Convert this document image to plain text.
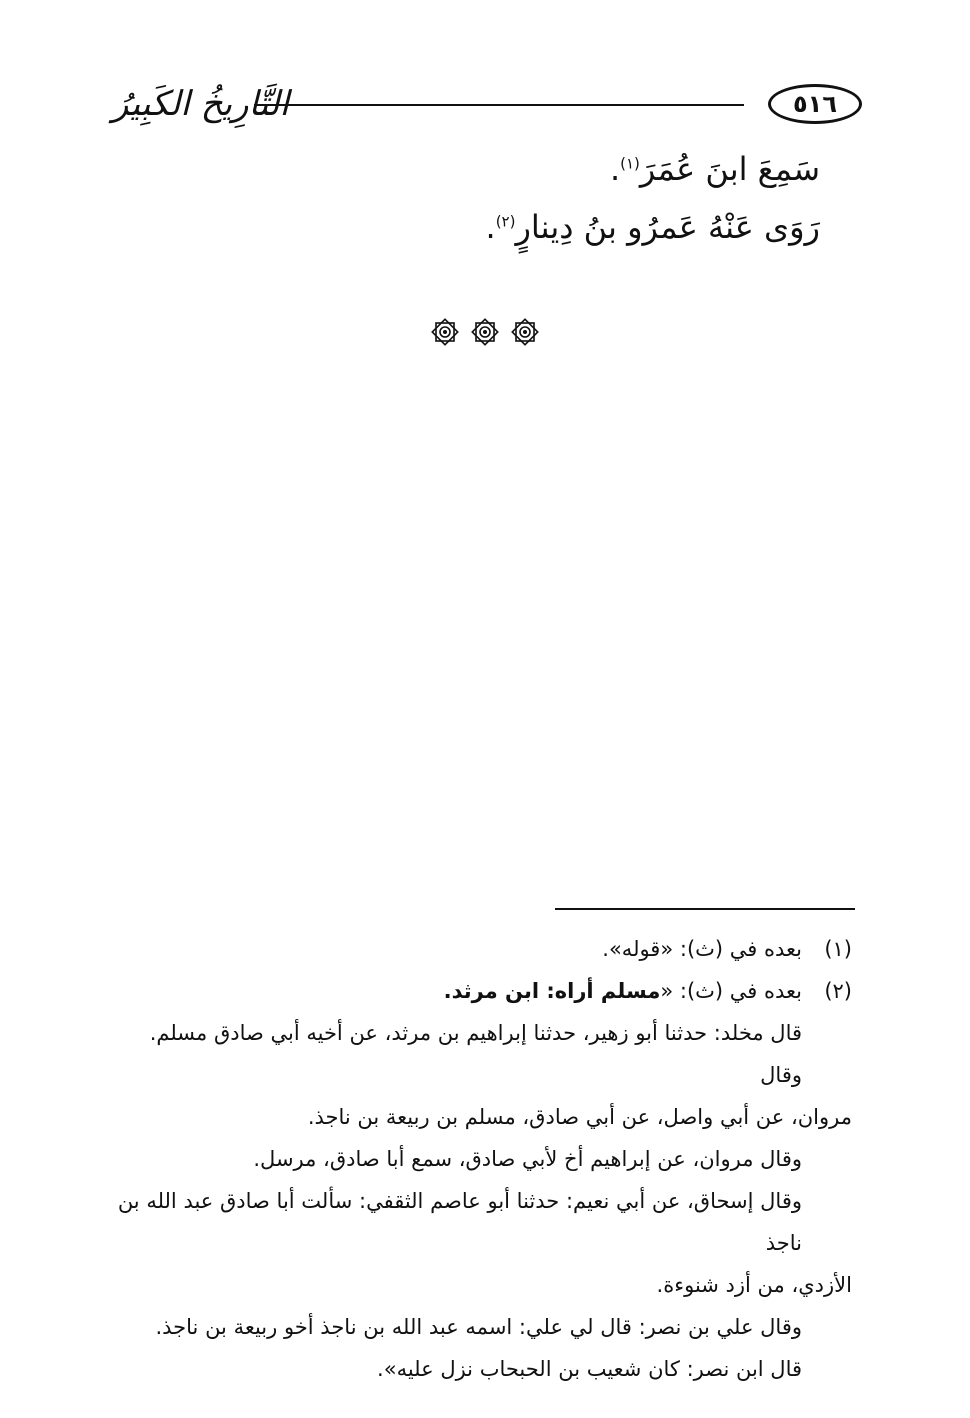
التَّارِيخُ الكَبِيرُ	٥١٦

سَمِعَ ابنَ عُمَرَ$^{(١)}$.

رَوَى عَنْهُ عَمرُو بنُ دِينارٍ$^{(٢)}$.

(١)
بعده في (ث): «قوله».

(٢)
بعده في (ث): «مسلم أراه: ابن مرثد.

قال مخلد: حدثنا أبو زهير، حدثنا إبراهيم بن مرثد، عن أخيه أبي صادق مسلم. وقال

مروان، عن أبي واصل، عن أبي صادق، مسلم بن ربيعة بن ناجذ.

وقال مروان، عن إبراهيم أخ لأبي صادق، سمع أبا صادق، مرسل.

وقال إسحاق، عن أبي نعيم: حدثنا أبو عاصم الثقفي: سألت أبا صادق عبد الله بن ناجذ

الأزدي، من أزد شنوءة.

وقال علي بن نصر: قال لي علي: اسمه عبد الله بن ناجذ أخو ربيعة بن ناجذ.

قال ابن نصر: كان شعيب بن الحبحاب نزل عليه».
